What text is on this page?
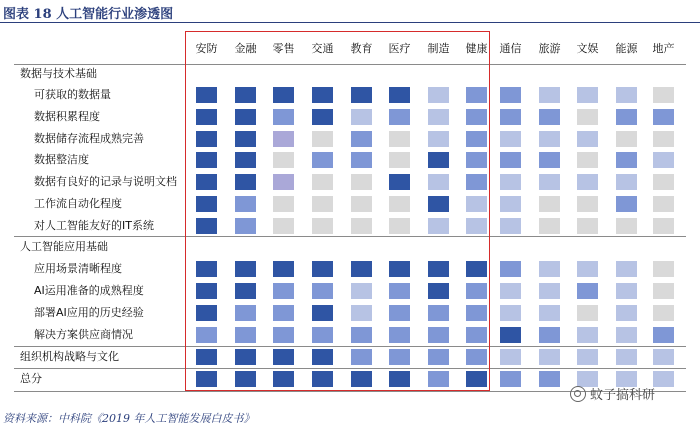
图表 18 人工智能行业渗透图
安防	金融	零售	交通	教育	医疗	制造	健康	通信	旅游	文娱	能源	地产
数据与技术基础
可获取的数据量
数据积累程度
数据储存流程成熟完善
数据整洁度
数据有良好的记录与说明文档
工作流自动化程度
对人工智能友好的IT系统
人工智能应用基础
应用场景清晰程度
AI运用准备的成熟程度
部署AI应用的历史经验
解决方案供应商情况
组织机构战略与文化
总分
蚊子搞科研
资料来源：中科院《2019 年人工智能发展白皮书》
